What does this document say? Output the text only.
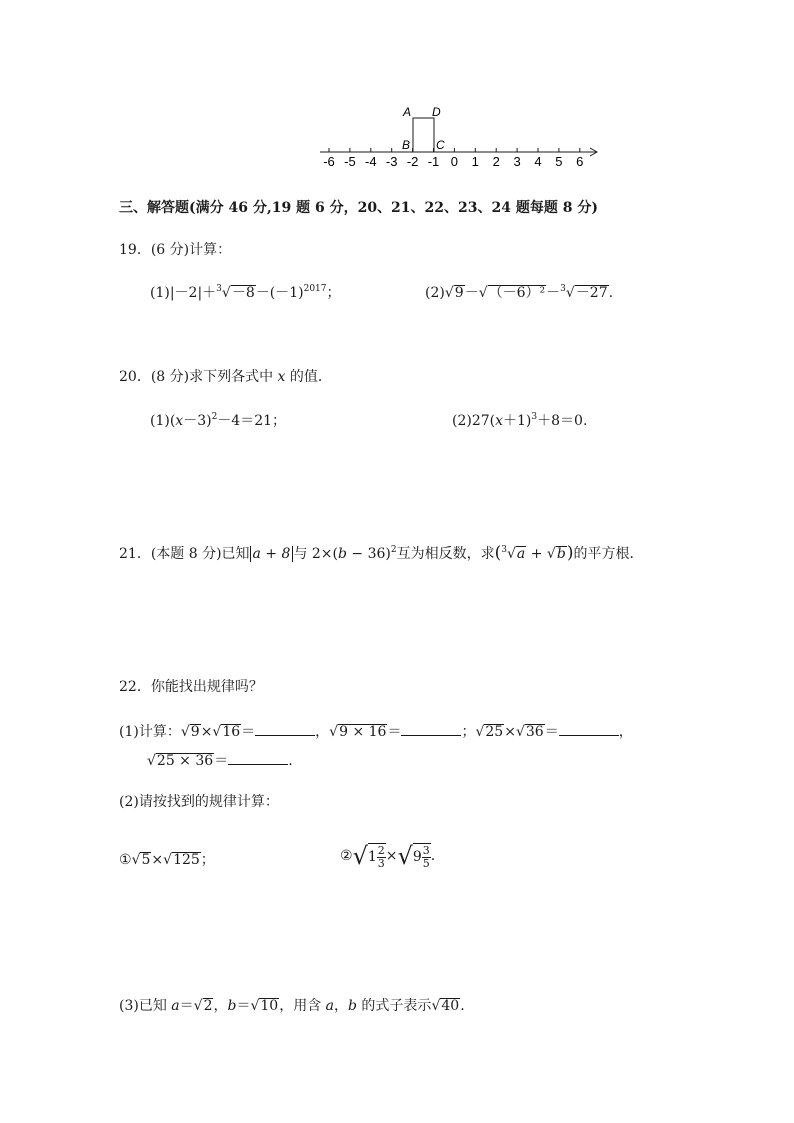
A D
B C
-6 -5 -4 -3 -2 -1 0 1 2 3 4 5 6
三、解答题(满分 46 分,19 题 6 分，20、21、22、23、24 题每题 8 分)
19．(6 分)计算：
$(1)|-2|+^3√-8-(-1)^{2017}$；	(2)√9－√（－6）²－$^3$√－27.
20．(8 分)求下列各式中 x 的值．
$(1)(x-3)^2-4=21$；	$(2)27(x+1)^3+8=0$.
21．(本题 8 分)已知 a + 8 与 $2\times(b - 36)^2$互为相反数，求($^3$√a + √b)的平方根．
22．你能找出规律吗？
(1)计算：√9×√16＝	，√9 × 16＝	；√25×√36＝	，
√25 × 36＝	.
(2)请按找到的规律计算：
①√5×√125；	②√1 $\frac{2}{3} \times√9 \frac{3}{5}$ .
(3)已知 a＝√2，b＝√10，用含 a，b 的式子表示√40.
